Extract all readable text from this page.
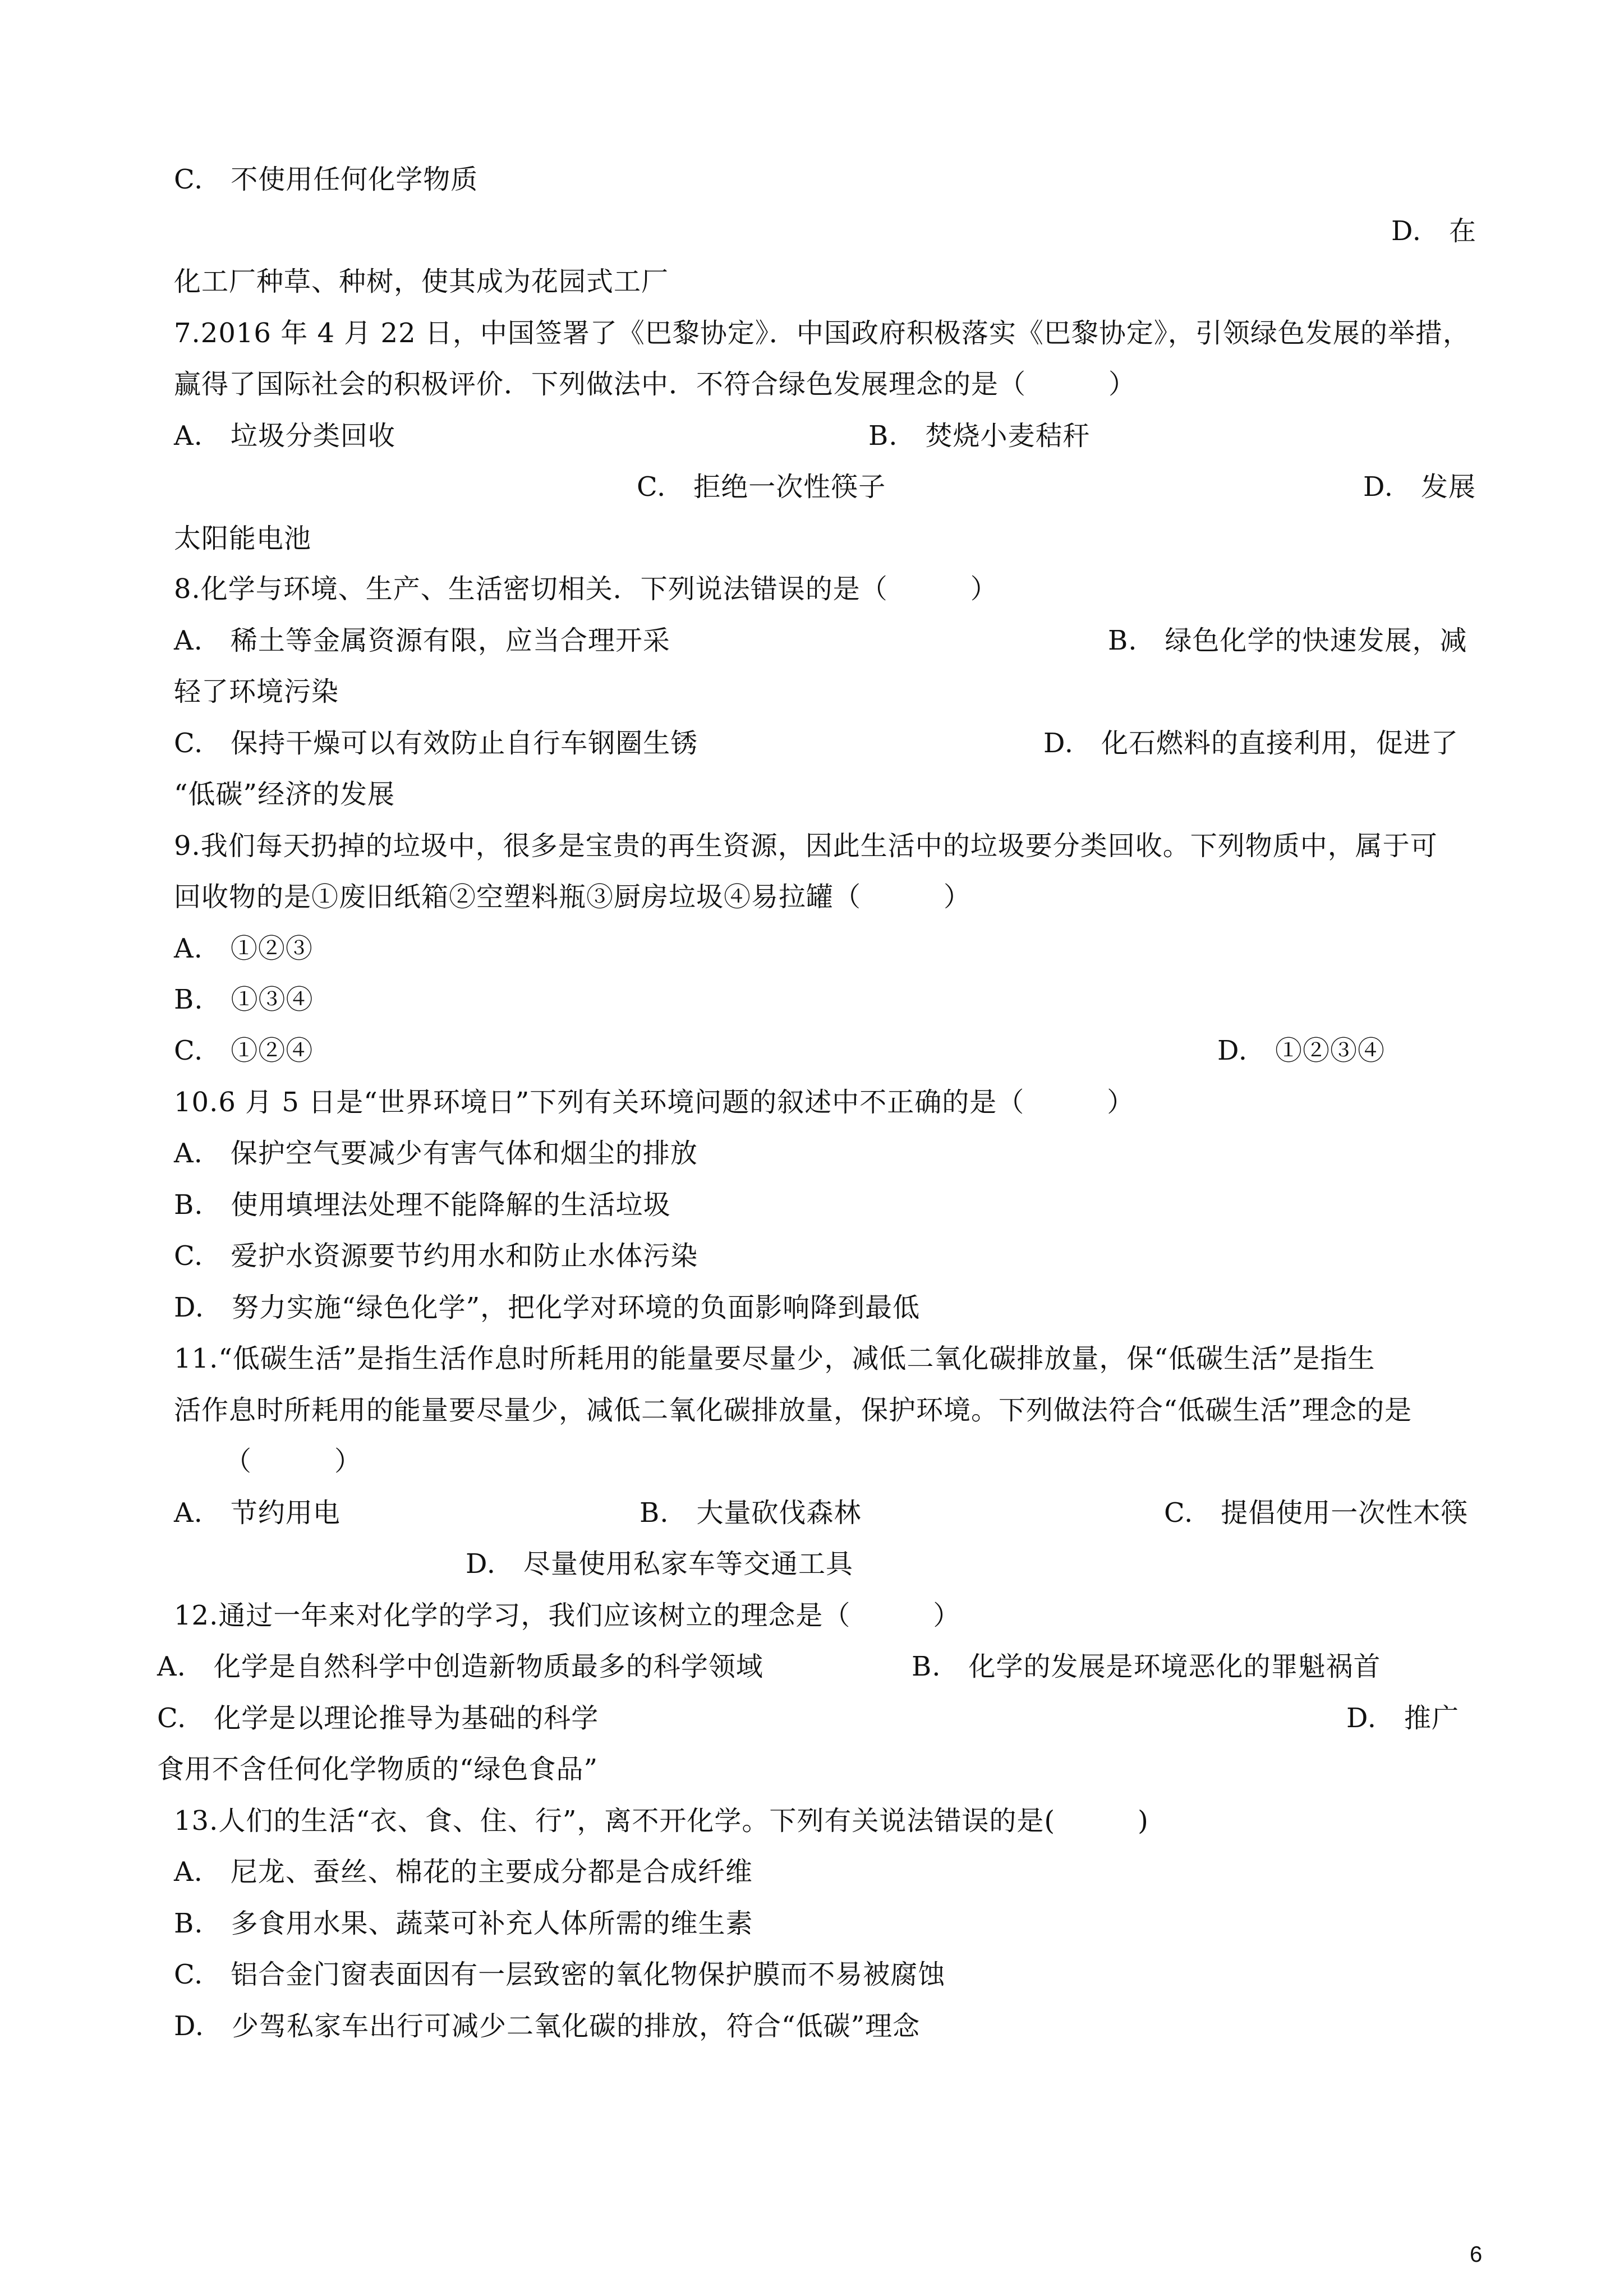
C.　不使用任何化学物质
D.　在
化工厂种草、种树，使其成为花园式工厂
7.2016 年 4 月 22 日，中国签署了《巴黎协定》．中国政府积极落实《巴黎协定》，引领绿色发展的举措，
赢得了国际社会的积极评价．下列做法中．不符合绿色发展理念的是（　　　）
A.　垃圾分类回收	B.　焚烧小麦秸秆
C.　拒绝一次性筷子	D.　发展
太阳能电池
8.化学与环境、生产、生活密切相关．下列说法错误的是（　　　）
A.　稀土等金属资源有限，应当合理开采	B.　绿色化学的快速发展，减
轻了环境污染
C.　保持干燥可以有效防止自行车钢圈生锈	D.　化石燃料的直接利用，促进了
“低碳”经济的发展
9.我们每天扔掉的垃圾中，很多是宝贵的再生资源，因此生活中的垃圾要分类回收。下列物质中，属于可
回收物的是①废旧纸箱②空塑料瓶③厨房垃圾④易拉罐（　　　）
A.　①②③
B.　①③④
C.　①②④	D.　①②③④
10.6 月 5 日是“世界环境日”下列有关环境问题的叙述中不正确的是（　　　）
A.　保护空气要减少有害气体和烟尘的排放
B.　使用填埋法处理不能降解的生活垃圾
C.　爱护水资源要节约用水和防止水体污染
D.　努力实施“绿色化学”，把化学对环境的负面影响降到最低
11.“低碳生活”是指生活作息时所耗用的能量要尽量少，减低二氧化碳排放量，保“低碳生活”是指生
活作息时所耗用的能量要尽量少，减低二氧化碳排放量，保护环境。下列做法符合“低碳生活”理念的是
（　　　）
A.　节约用电	B.　大量砍伐森林	C.　提倡使用一次性木筷
D.　尽量使用私家车等交通工具
12.通过一年来对化学的学习，我们应该树立的理念是（　　　）
A.　化学是自然科学中创造新物质最多的科学领域	B.　化学的发展是环境恶化的罪魁祸首
C.　化学是以理论推导为基础的科学	D.　推广
食用不含任何化学物质的“绿色食品”
13.人们的生活“衣、食、住、行”，离不开化学。下列有关说法错误的是(　　　)
A.　尼龙、蚕丝、棉花的主要成分都是合成纤维
B.　多食用水果、蔬菜可补充人体所需的维生素
C.　铝合金门窗表面因有一层致密的氧化物保护膜而不易被腐蚀
D.　少驾私家车出行可减少二氧化碳的排放，符合“低碳”理念
6
